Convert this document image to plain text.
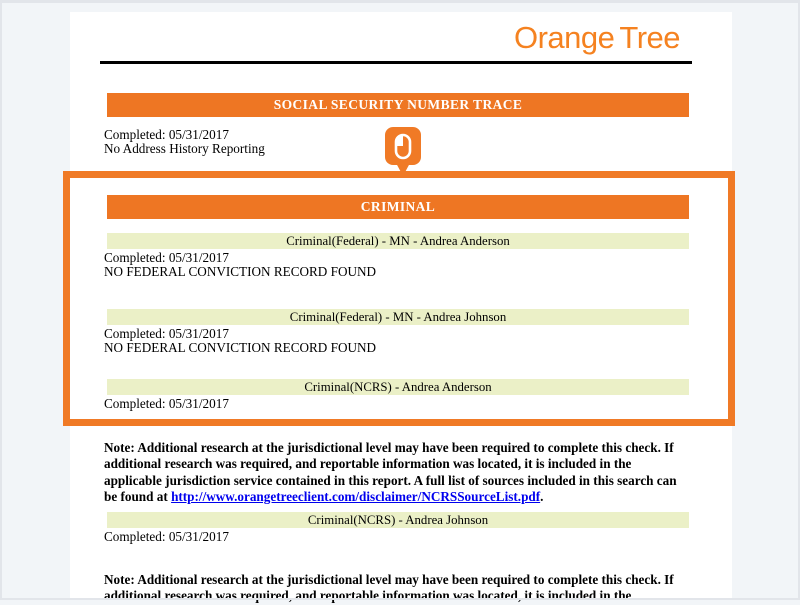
Orange Tree
SOCIAL SECURITY NUMBER TRACE
Completed: 05/31/2017
No Address History Reporting
CRIMINAL
Criminal(Federal) - MN - Andrea Anderson
Completed: 05/31/2017
NO FEDERAL CONVICTION RECORD FOUND
Criminal(Federal) - MN - Andrea Johnson
Completed: 05/31/2017
NO FEDERAL CONVICTION RECORD FOUND
Criminal(NCRS) - Andrea Anderson
Completed: 05/31/2017
Note: Additional research at the jurisdictional level may have been required to complete this check. If
additional research was required, and reportable information was located, it is included in the
applicable jurisdiction service contained in this report. A full list of sources included in this search can
be found at http://www.orangetreeclient.com/disclaimer/NCRSSourceList.pdf.
Criminal(NCRS) - Andrea Johnson
Completed: 05/31/2017
Note: Additional research at the jurisdictional level may have been required to complete this check. If
additional research was required, and reportable information was located, it is included in the
